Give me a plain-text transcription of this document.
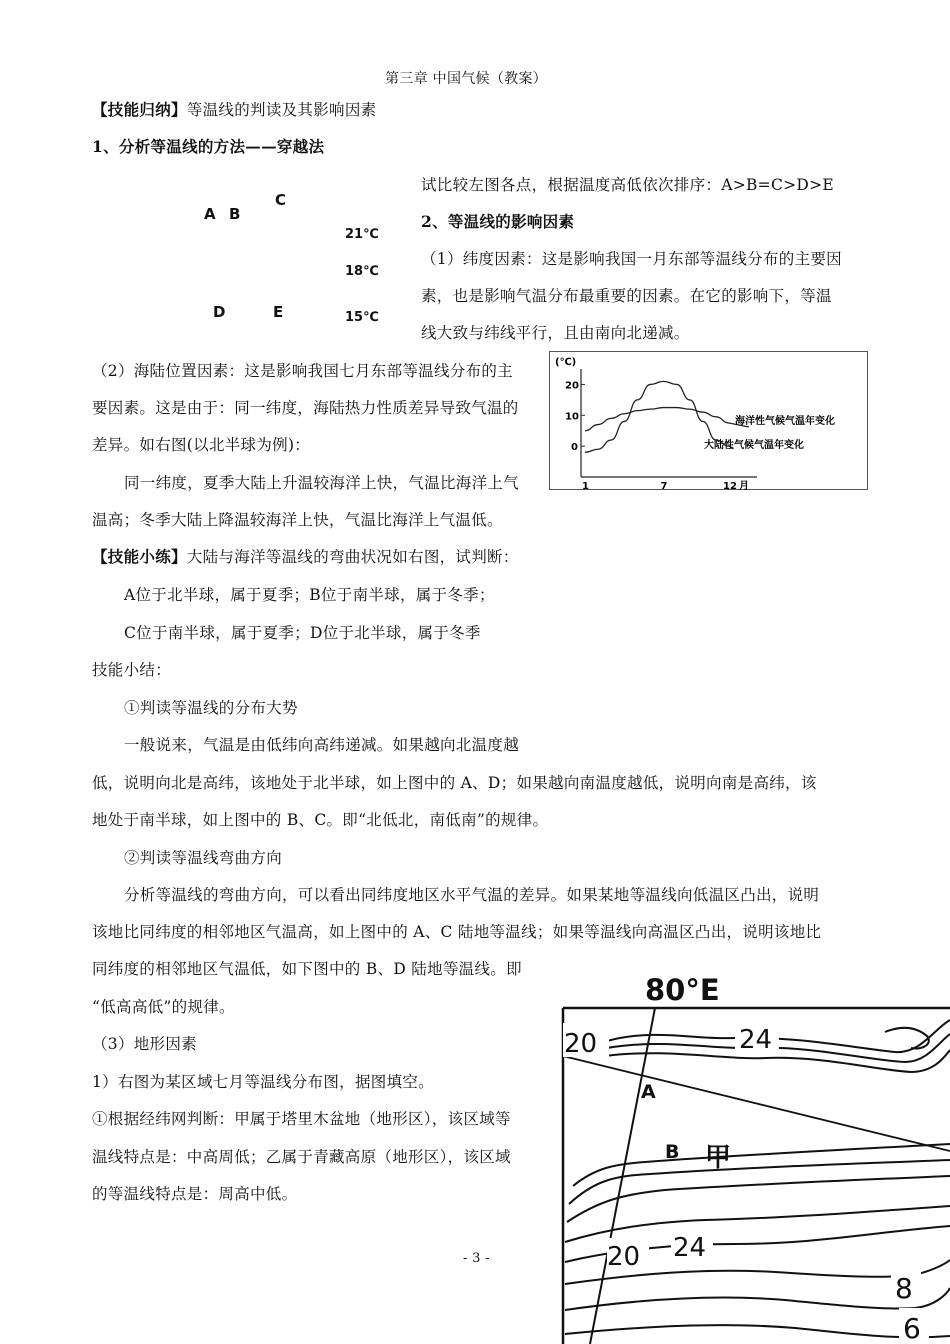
第三章 中国气候（教案）
【技能归纳】等温线的判读及其影响因素
1、分析等温线的方法——穿越法
C
A B
21℃
18℃
D	E	15℃
试比较左图各点，根据温度高低依次排序：A>B=C>D>E
2、等温线的影响因素
（1）纬度因素：这是影响我国一月东部等温线分布的主要因
素，也是影响气温分布最重要的因素。在它的影响下，等温
线大致与纬线平行，且由南向北递减。
（2）海陆位置因素：这是影响我国七月东部等温线分布的主
要因素。这是由于：同一纬度，海陆热力性质差异导致气温的
差异。如右图(以北半球为例)：
同一纬度，夏季大陆上升温较海洋上快，气温比海洋上气
温高；冬季大陆上降温较海洋上快，气温比海洋上气温低。
(℃)
月
20
10
0
1	7	12
海洋性气候气温年变化
大陆性气候气温年变化
【技能小练】大陆与海洋等温线的弯曲状况如右图，试判断：
A位于北半球，属于夏季；B位于南半球，属于冬季；
C位于南半球，属于夏季；D位于北半球，属于冬季
技能小结：
①判读等温线的分布大势
一般说来，气温是由低纬向高纬递减。如果越向北温度越
低，说明向北是高纬，该地处于北半球，如上图中的 A、D；如果越向南温度越低，说明向南是高纬，该
地处于南半球，如上图中的 B、C。即“北低北，南低南”的规律。
②判读等温线弯曲方向
分析等温线的弯曲方向，可以看出同纬度地区水平气温的差异。如果某地等温线向低温区凸出，说明
该地比同纬度的相邻地区气温高，如上图中的 A、C 陆地等温线；如果等温线向高温区凸出，说明该地比
同纬度的相邻地区气温低，如下图中的 B、D 陆地等温线。即
“低高高低”的规律。
（3）地形因素
1）右图为某区域七月等温线分布图，据图填空。
①根据经纬网判断：甲属于塔里木盆地（地形区），该区域等
温线特点是：中高周低；乙属于青藏高原（地形区），该区域
的等温线特点是：周高中低。
- 3 -
80°E
20	24
A
B 甲
20 24
8
6
